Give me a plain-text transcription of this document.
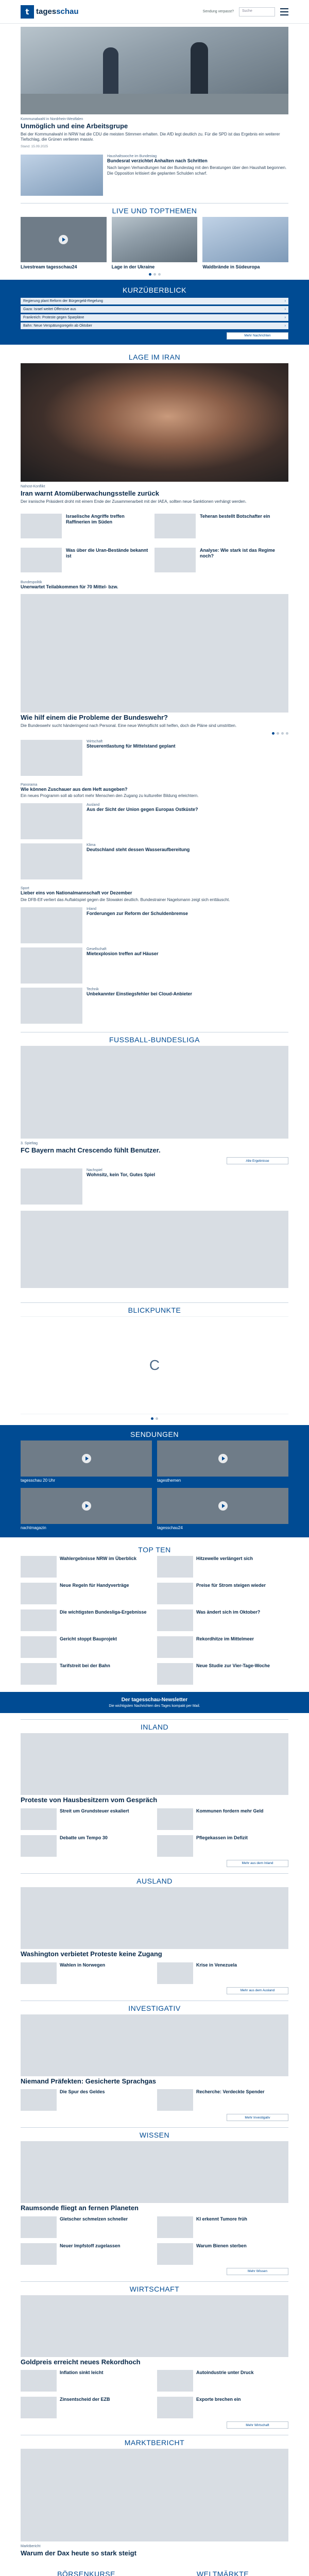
t tagesschau	Sendung verpasst?	Suche
Kommunalwahl in Nordrhein-Westfalen
Unmöglich und eine Arbeitsgrupe
Bei der Kommunalwahl in NRW hat die CDU die meisten Stimmen erhalten. Die AfD legt deutlich zu. Für die SPD ist das Ergebnis ein weiterer Tiefschlag, die Grünen verlieren massiv.
Stand: 15.09.2025
Haushaltswoche im Bundestag
Bundesrat verzichtet Anhalten nach Schritten
Nach langen Verhandlungen hat der Bundestag mit den Beratungen über den Haushalt begonnen. Die Opposition kritisiert die geplanten Schulden scharf.
LIVE UND TOPTHEMEN
Livestream tagesschau24	Lage in der Ukraine	Waldbrände in Südeuropa
KURZÜBERBLICK
Regierung plant Reform der Bürgergeld-Regelung	›
Gaza: Israel weitet Offensive aus	›
Frankreich: Proteste gegen Sparpläne	›
Bahn: Neue Verspätungsregeln ab Oktober	›
Mehr Nachrichten
LAGE IM IRAN
Nahost-Konflikt
Iran warnt Atomüberwachungsstelle zurück
Der iranische Präsident droht mit einem Ende der Zusammenarbeit mit der IAEA, sollten neue Sanktionen verhängt werden.
Israelische Angriffe treffen Raffinerien im Süden
Teheran bestellt Botschafter ein
Was über die Uran-Bestände bekannt ist
Analyse: Wie stark ist das Regime noch?
Bundespolitik
Unerwartet Teilabkommen für 70 Mittel- bzw.
Wie hilf einem die Probleme der Bundeswehr?
Die Bundeswehr sucht händeringend nach Personal. Eine neue Wehrpflicht soll helfen, doch die Pläne sind umstritten.
Wirtschaft
Steuerentlastung für Mittelstand geplant
Panorama
Wie können Zuschauer aus dem Heft ausgeben?
Ein neues Programm soll ab sofort mehr Menschen den Zugang zu kultureller Bildung erleichtern.
Ausland
Aus der Sicht der Union gegen Europas Ostküste?
Klima
Deutschland steht dessen Wasseraufbereitung
Sport
Lieber eins von Nationalmannschaft vor Dezember
Die DFB-Elf verliert das Auftaktspiel gegen die Slowakei deutlich. Bundestrainer Nagelsmann zeigt sich enttäuscht.
Inland
Forderungen zur Reform der Schuldenbremse
Gesellschaft
Mietexplosion treffen auf Häuser
Technik
Unbekannter Einstiegsfehler bei Cloud-Anbieter
FUSSBALL-BUNDESLIGA
3. Spieltag
FC Bayern macht Crescendo fühlt Benutzer.
Alle Ergebnisse
Nachspiel
Wohnsitz, kein Tor, Gutes Spiel
BLICKPUNKTE
C
SENDUNGEN
tagesschau 20 Uhr	tagesthemen
nachtmagazin	tagesschau24
TOP TEN
Wahlergebnisse NRW im Überblick	Hitzewelle verlängert sich
Neue Regeln für Handyverträge	Preise für Strom steigen wieder
Die wichtigsten Bundesliga-Ergebnisse	Was ändert sich im Oktober?
Gericht stoppt Bauprojekt	Rekordhitze im Mittelmeer
Tarifstreit bei der Bahn	Neue Studie zur Vier-Tage-Woche
Der tagesschau-Newsletter
Die wichtigsten Nachrichten des Tages kompakt per Mail.
INLAND
Proteste von Hausbesitzern vom Gespräch
Streit um Grundsteuer eskaliert	Kommunen fordern mehr Geld
Debatte um Tempo 30	Pflegekassen im Defizit
Mehr aus dem Inland
AUSLAND
Washington verbietet Proteste keine Zugang
Wahlen in Norwegen	Krise in Venezuela
Mehr aus dem Ausland
INVESTIGATIV
Niemand Präfekten: Gesicherte Sprachgas
Die Spur des Geldes	Recherche: Verdeckte Spender
Mehr Investigativ
WISSEN
Raumsonde fliegt an fernen Planeten
Gletscher schmelzen schneller	KI erkennt Tumore früh
Neuer Impfstoff zugelassen	Warum Bienen sterben
Mehr Wissen
WIRTSCHAFT
Goldpreis erreicht neues Rekordhoch
Inflation sinkt leicht	Autoindustrie unter Druck
Zinsentscheid der EZB	Exporte brechen ein
Mehr Wirtschaft
MARKTBERICHT
Marktbericht
Warum der Dax heute so stark steigt
BÖRSENKURSE	WELTMÄRKTE
